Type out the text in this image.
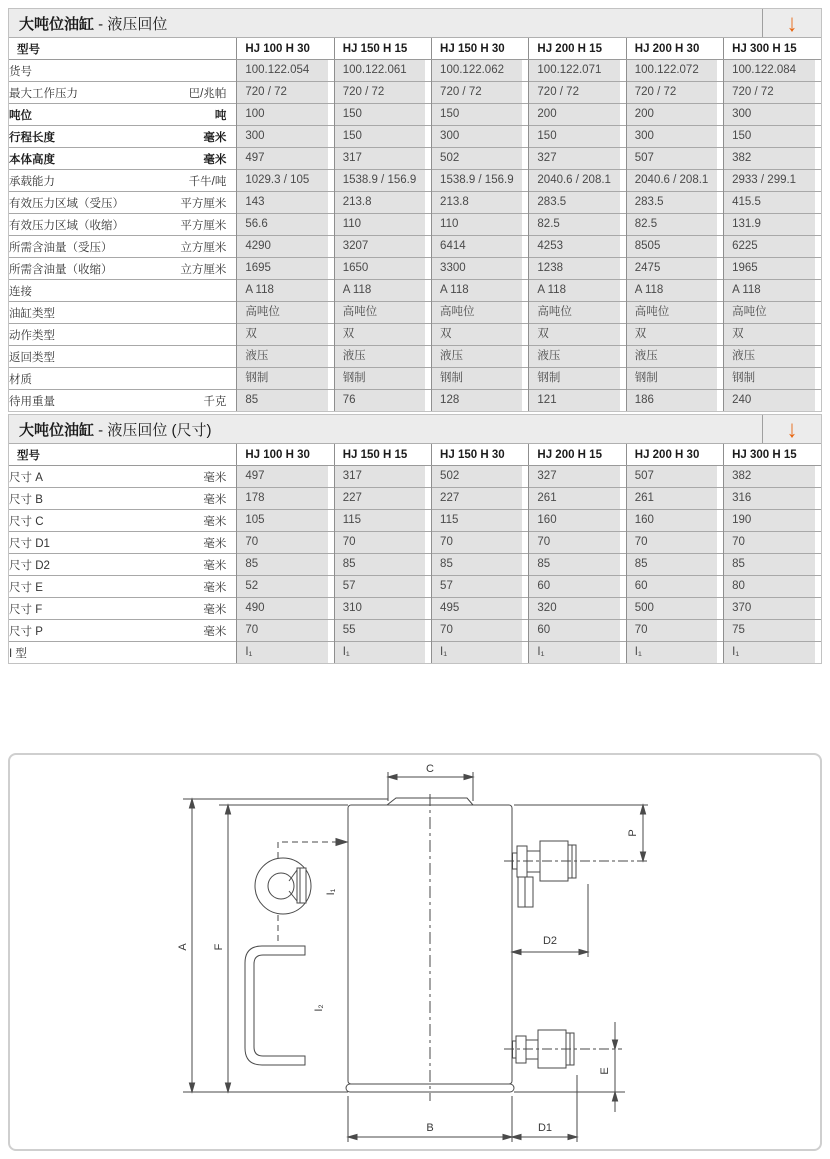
大吨位油缸 - 液压回位	↓
型号	HJ 100 H 30	HJ 150 H 15	HJ 150 H 30	HJ 200 H 15	HJ 200 H 30	HJ 300 H 15

货号	100.122.054	100.122.061	100.122.062	100.122.071	100.122.072	100.122.084

最大工作压力 巴/兆帕	720 / 72	720 / 72	720 / 72	720 / 72	720 / 72	720 / 72

吨位 吨	100	150	150	200	200	300

行程长度 毫米	300	150	300	150	300	150

本体高度 毫米	497	317	502	327	507	382

承载能力 千牛/吨	1029.3 / 105	1538.9 / 156.9	1538.9 / 156.9	2040.6 / 208.1	2040.6 / 208.1	2933 / 299.1

有效压力区域（受压） 平方厘米	143	213.8	213.8	283.5	283.5	415.5

有效压力区域（收缩） 平方厘米	56.6	110	110	82.5	82.5	131.9

所需含油量（受压） 立方厘米	4290	3207	6414	4253	8505	6225

所需含油量（收缩） 立方厘米	1695	1650	3300	1238	2475	1965

连接	A 118	A 118	A 118	A 118	A 118	A 118

油缸类型	高吨位	高吨位	高吨位	高吨位	高吨位	高吨位

动作类型	双	双	双	双	双	双

返回类型	液压	液压	液压	液压	液压	液压

材质	钢制	钢制	钢制	钢制	钢制	钢制

待用重量 千克	85	76	128	121	186	240
大吨位油缸 - 液压回位 (尺寸)	↓
型号	HJ 100 H 30	HJ 150 H 15	HJ 150 H 30	HJ 200 H 15	HJ 200 H 30	HJ 300 H 15

尺寸 A 毫米	497	317	502	327	507	382

尺寸 B 毫米	178	227	227	261	261	316

尺寸 C 毫米	105	115	115	160	160	190

尺寸 D1 毫米	70	70	70	70	70	70

尺寸 D2 毫米	85	85	85	85	85	85

尺寸 E 毫米	52	57	57	60	60	80

尺寸 F 毫米	490	310	495	320	500	370

尺寸 P 毫米	70	55	70	60	70	75

I 型	I₁	I₁	I₁	I₁	I₁	I₁
C
A F
I₁
I₂
P
D2
E
B	D1
